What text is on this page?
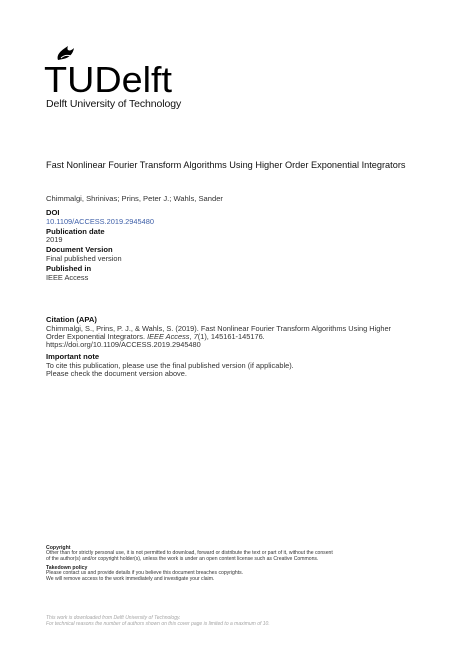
TUDelft
Delft University of Technology
Fast Nonlinear Fourier Transform Algorithms Using Higher Order Exponential Integrators
Chimmalgi, Shrinivas; Prins, Peter J.; Wahls, Sander
DOI
10.1109/ACCESS.2019.2945480
Publication date
2019
Document Version
Final published version
Published in
IEEE Access
Citation (APA)
Chimmalgi, S., Prins, P. J., & Wahls, S. (2019). Fast Nonlinear Fourier Transform Algorithms Using Higher
Order Exponential Integrators. IEEE Access, 7(1), 145161-145176.
https://doi.org/10.1109/ACCESS.2019.2945480
Important note
To cite this publication, please use the final published version (if applicable).
Please check the document version above.
Copyright
Other than for strictly personal use, it is not permitted to download, forward or distribute the text or part of it, without the consent
of the author(s) and/or copyright holder(s), unless the work is under an open content license such as Creative Commons.
Takedown policy
Please contact us and provide details if you believe this document breaches copyrights.
We will remove access to the work immediately and investigate your claim.
This work is downloaded from Delft University of Technology.
For technical reasons the number of authors shown on this cover page is limited to a maximum of 10.
